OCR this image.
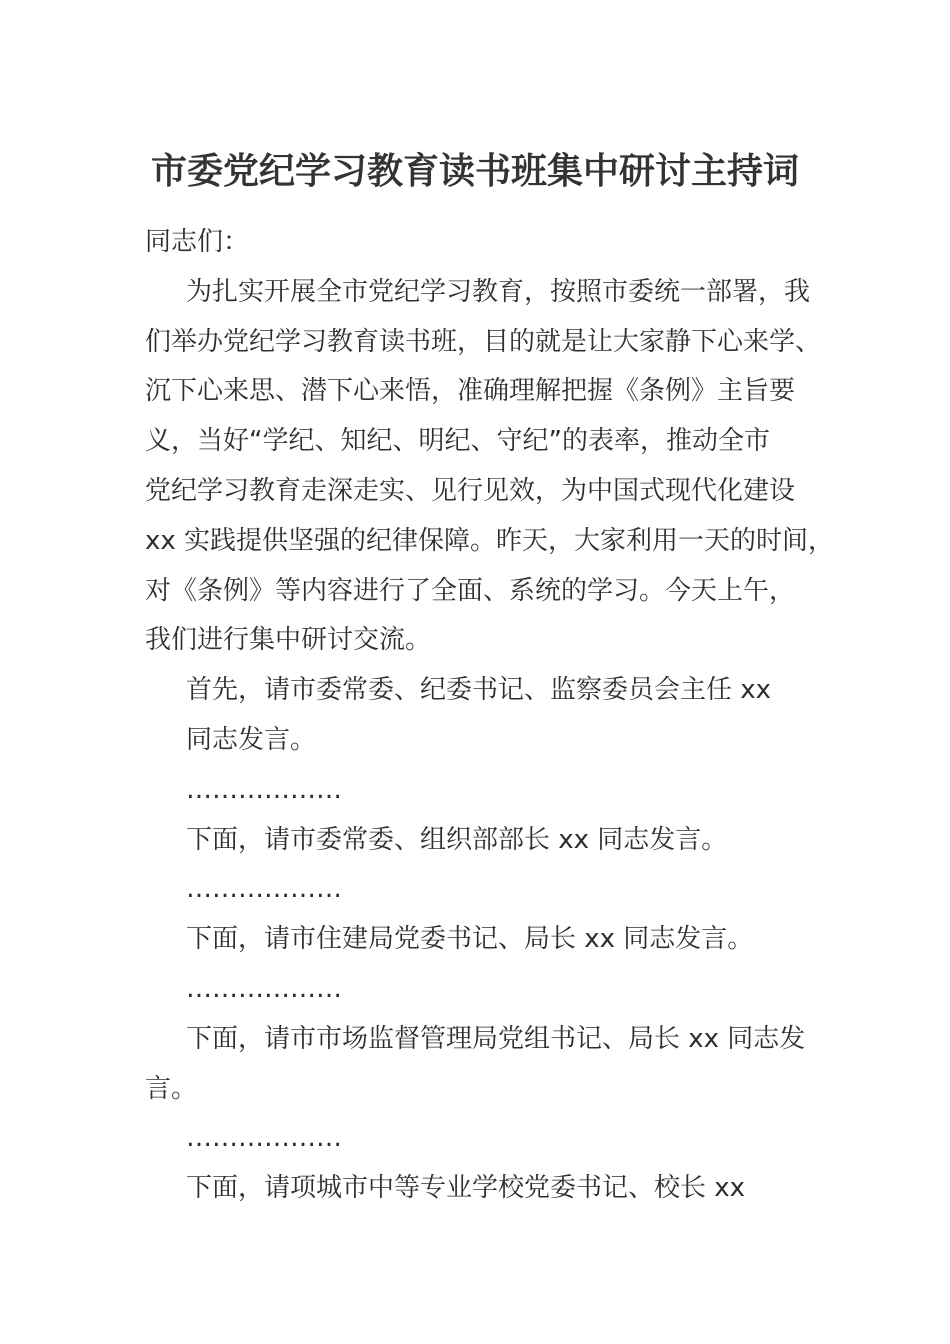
市委党纪学习教育读书班集中研讨主持词
同志们：
为扎实开展全市党纪学习教育，按照市委统一部署，我
们举办党纪学习教育读书班，目的就是让大家静下心来学、
沉下心来思、潜下心来悟，准确理解把握《条例》主旨要
义，当好“学纪、知纪、明纪、守纪”的表率，推动全市
党纪学习教育走深走实、见行见效，为中国式现代化建设
xx 实践提供坚强的纪律保障。昨天，大家利用一天的时间，
对《条例》等内容进行了全面、系统的学习。今天上午，
我们进行集中研讨交流。
首先，请市委常委、纪委书记、监察委员会主任 xx
同志发言。
………………
下面，请市委常委、组织部部长 xx 同志发言。
………………
下面，请市住建局党委书记、局长 xx 同志发言。
………………
下面，请市市场监督管理局党组书记、局长 xx 同志发
言。
………………
下面，请项城市中等专业学校党委书记、校长 xx
